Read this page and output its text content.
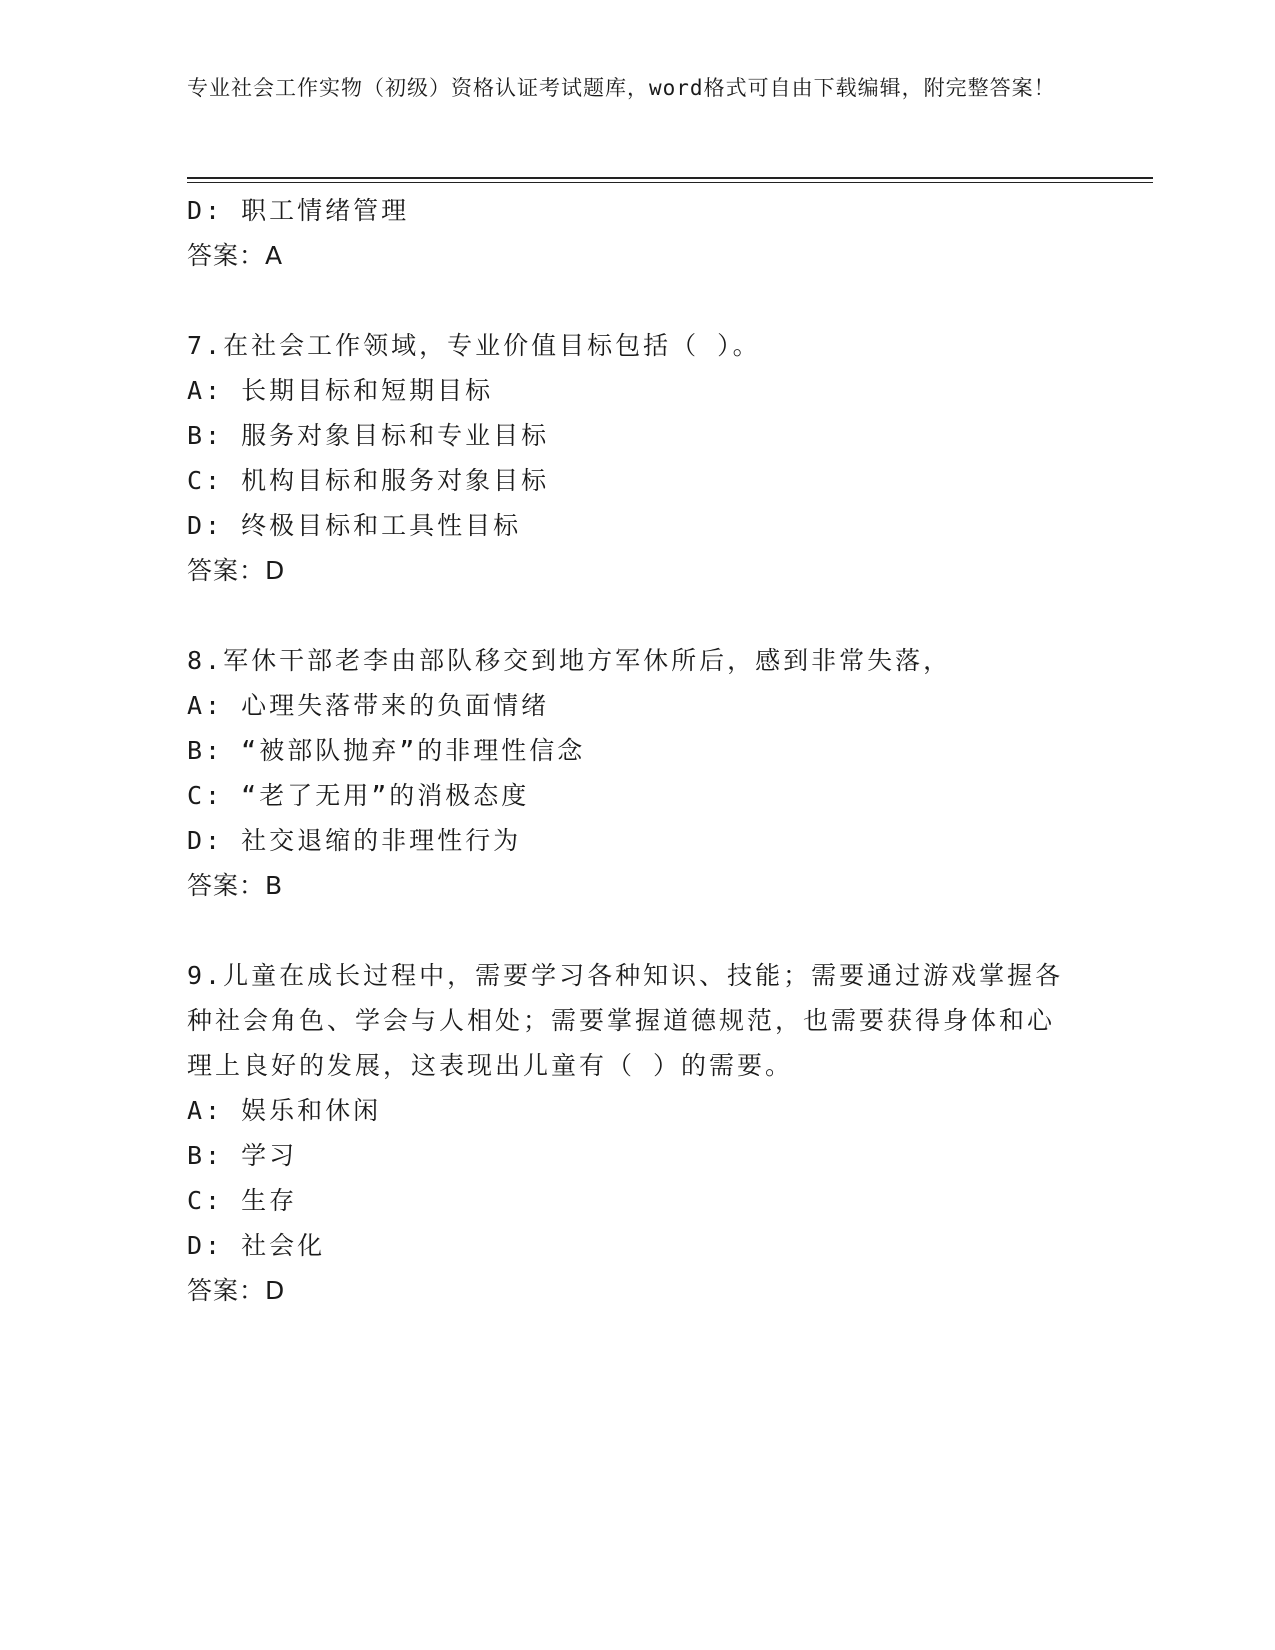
专业社会工作实物（初级）资格认证考试题库，word格式可自由下载编辑，附完整答案！
D: 职工情绪管理
答案：A
7.在社会工作领域，专业价值目标包括（ ）。
A: 长期目标和短期目标
B: 服务对象目标和专业目标
C: 机构目标和服务对象目标
D: 终极目标和工具性目标
答案：D
8.军休干部老李由部队移交到地方军休所后，感到非常失落，
A: 心理失落带来的负面情绪
B: “被部队抛弃”的非理性信念
C: “老了无用”的消极态度
D: 社交退缩的非理性行为
答案：B
9.儿童在成长过程中，需要学习各种知识、技能；需要通过游戏掌握各种社会角色、学会与人相处；需要掌握道德规范，也需要获得身体和心理上良好的发展，这表现出儿童有（ ）的需要。
A: 娱乐和休闲
B: 学习
C: 生存
D: 社会化
答案：D
